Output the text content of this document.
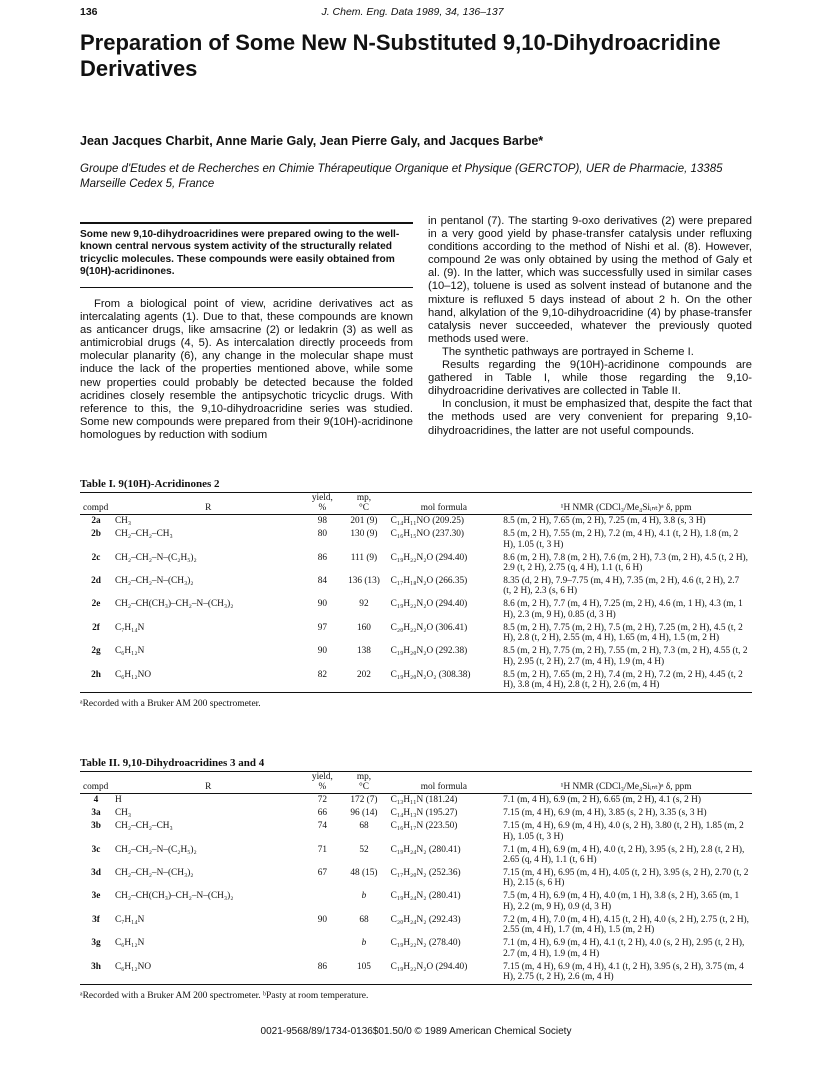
136	J. Chem. Eng. Data 1989, 34, 136–137
Preparation of Some New N-Substituted 9,10-Dihydroacridine Derivatives
Jean Jacques Charbit, Anne Marie Galy, Jean Pierre Galy, and Jacques Barbe*
Groupe d'Etudes et de Recherches en Chimie Thérapeutique Organique et Physique (GERCTOP), UER de Pharmacie, 13385 Marseille Cedex 5, France
Some new 9,10-dihydroacridines were prepared owing to the well-known central nervous system activity of the structurally related tricyclic molecules. These compounds were easily obtained from 9(10H)-acridinones.

From a biological point of view, acridine derivatives act as intercalating agents (1). Due to that, these compounds are known as anticancer drugs, like amsacrine (2) or ledakrin (3) as well as antimicrobial drugs (4, 5). As intercalation directly proceeds from molecular planarity (6), any change in the molecular shape must induce the lack of the properties mentioned above, while some new properties could probably be detected because the folded acridines closely resemble the antipsychotic tricyclic drugs. With reference to this, the 9,10-dihydroacridine series was studied. Some new compounds were prepared from their 9(10H)-acridinone homologues by reduction with sodium

in pentanol (7). The starting 9-oxo derivatives (2) were prepared in a very good yield by phase-transfer catalysis under refluxing conditions according to the method of Nishi et al. (8). However, compound 2e was only obtained by using the method of Galy et al. (9). In the latter, which was successfully used in similar cases (10–12), toluene is used as solvent instead of butanone and the mixture is refluxed 5 days instead of about 2 h. On the other hand, alkylation of the 9,10-dihydroacridine (4) by phase-transfer catalysis never succeeded, whatever the previously quoted methods used were.

The synthetic pathways are portrayed in Scheme I.

Results regarding the 9(10H)-acridinone compounds are gathered in Table I, while those regarding the 9,10-dihydroacridine derivatives are collected in Table II.

In conclusion, it must be emphasized that, despite the fact that the methods used are very convenient for preparing 9,10-dihydroacridines, the latter are not useful compounds.

Table I. 9(10H)-Acridinones 2
		yield,	mp,		
compd	R	%	°C	mol formula	¹H NMR (CDCl₃/Me₄Siᵢₙₜ)ᵃ δ, ppm
2a	CH₃	98	201 (9)	C₁₄H₁₁NO (209.25)	8.5 (m, 2 H), 7.65 (m, 2 H), 7.25 (m, 4 H), 3.8 (s, 3 H)
2b	CH₂–CH₂–CH₃	80	130 (9)	C₁₆H₁₅NO (237.30)	8.5 (m, 2 H), 7.55 (m, 2 H), 7.2 (m, 4 H), 4.1 (t, 2 H), 1.8 (m, 2 H), 1.05 (t, 3 H)
2c	CH₂–CH₂–N–(C₂H₅)₂	86	111 (9)	C₁₉H₂₂N₂O (294.40)	8.6 (m, 2 H), 7.8 (m, 2 H), 7.6 (m, 2 H), 7.3 (m, 2 H), 4.5 (t, 2 H), 2.9 (t, 2 H), 2.75 (q, 4 H), 1.1 (t, 6 H)
2d	CH₂–CH₂–N–(CH₃)₂	84	136 (13)	C₁₇H₁₈N₂O (266.35)	8.35 (d, 2 H), 7.9–7.75 (m, 4 H), 7.35 (m, 2 H), 4.6 (t, 2 H), 2.7 (t, 2 H), 2.3 (s, 6 H)
2e	CH₂–CH(CH₃)–CH₂–N–(CH₃)₂	90	92	C₁₉H₂₂N₂O (294.40)	8.6 (m, 2 H), 7.7 (m, 4 H), 7.25 (m, 2 H), 4.6 (m, 1 H), 4.3 (m, 1 H), 2.3 (m, 9 H), 0.85 (d, 3 H)
2f	C₇H₁₄N	97	160	C₂₀H₂₂N₂O (306.41)	8.5 (m, 2 H), 7.75 (m, 2 H), 7.5 (m, 2 H), 7.25 (m, 2 H), 4.5 (t, 2 H), 2.8 (t, 2 H), 2.55 (m, 4 H), 1.65 (m, 4 H), 1.5 (m, 2 H)
2g	C₆H₁₂N	90	138	C₁₉H₂₀N₂O (292.38)	8.5 (m, 2 H), 7.75 (m, 2 H), 7.55 (m, 2 H), 7.3 (m, 2 H), 4.55 (t, 2 H), 2.95 (t, 2 H), 2.7 (m, 4 H), 1.9 (m, 4 H)
2h	C₆H₁₂NO	82	202	C₁₉H₂₀N₂O₂ (308.38)	8.5 (m, 2 H), 7.65 (m, 2 H), 7.4 (m, 2 H), 7.2 (m, 2 H), 4.45 (t, 2 H), 3.8 (m, 4 H), 2.8 (t, 2 H), 2.6 (m, 4 H)
ᵃRecorded with a Bruker AM 200 spectrometer.
Table II. 9,10-Dihydroacridines 3 and 4
		yield,	mp,		
compd	R	%	°C	mol formula	¹H NMR (CDCl₃/Me₄Siᵢₙₜ)ᵃ δ, ppm
4	H	72	172 (7)	C₁₃H₁₁N (181.24)	7.1 (m, 4 H), 6.9 (m, 2 H), 6.65 (m, 2 H), 4.1 (s, 2 H)
3a	CH₃	66	96 (14)	C₁₄H₁₃N (195.27)	7.15 (m, 4 H), 6.9 (m, 4 H), 3.85 (s, 2 H), 3.35 (s, 3 H)
3b	CH₂–CH₂–CH₃	74	68	C₁₆H₁₇N (223.50)	7.15 (m, 4 H), 6.9 (m, 4 H), 4.0 (s, 2 H), 3.80 (t, 2 H), 1.85 (m, 2 H), 1.05 (t, 3 H)
3c	CH₂–CH₂–N–(C₂H₅)₂	71	52	C₁₉H₂₄N₂ (280.41)	7.1 (m, 4 H), 6.9 (m, 4 H), 4.0 (t, 2 H), 3.95 (s, 2 H), 2.8 (t, 2 H), 2.65 (q, 4 H), 1.1 (t, 6 H)
3d	CH₂–CH₂–N–(CH₃)₂	67	48 (15)	C₁₇H₂₀N₂ (252.36)	7.15 (m, 4 H), 6.95 (m, 4 H), 4.05 (t, 2 H), 3.95 (s, 2 H), 2.70 (t, 2 H), 2.15 (s, 6 H)
3e	CH₂–CH(CH₃)–CH₂–N–(CH₃)₂		b	C₁₉H₂₄N₂ (280.41)	7.5 (m, 4 H), 6.9 (m, 4 H), 4.0 (m, 1 H), 3.8 (s, 2 H), 3.65 (m, 1 H), 2.2 (m, 9 H), 0.9 (d, 3 H)
3f	C₇H₁₄N	90	68	C₂₀H₂₄N₂ (292.43)	7.2 (m, 4 H), 7.0 (m, 4 H), 4.15 (t, 2 H), 4.0 (s, 2 H), 2.75 (t, 2 H), 2.55 (m, 4 H), 1.7 (m, 4 H), 1.5 (m, 2 H)
3g	C₆H₁₂N		b	C₁₉H₂₂N₂ (278.40)	7.1 (m, 4 H), 6.9 (m, 4 H), 4.1 (t, 2 H), 4.0 (s, 2 H), 2.95 (t, 2 H), 2.7 (m, 4 H), 1.9 (m, 4 H)
3h	C₆H₁₂NO	86	105	C₁₉H₂₂N₂O (294.40)	7.15 (m, 4 H), 6.9 (m, 4 H), 4.1 (t, 2 H), 3.95 (s, 2 H), 3.75 (m, 4 H), 2.75 (t, 2 H), 2.6 (m, 4 H)
ᵃRecorded with a Bruker AM 200 spectrometer. ᵇPasty at room temperature.
0021-9568/89/1734-0136$01.50/0 © 1989 American Chemical Society
